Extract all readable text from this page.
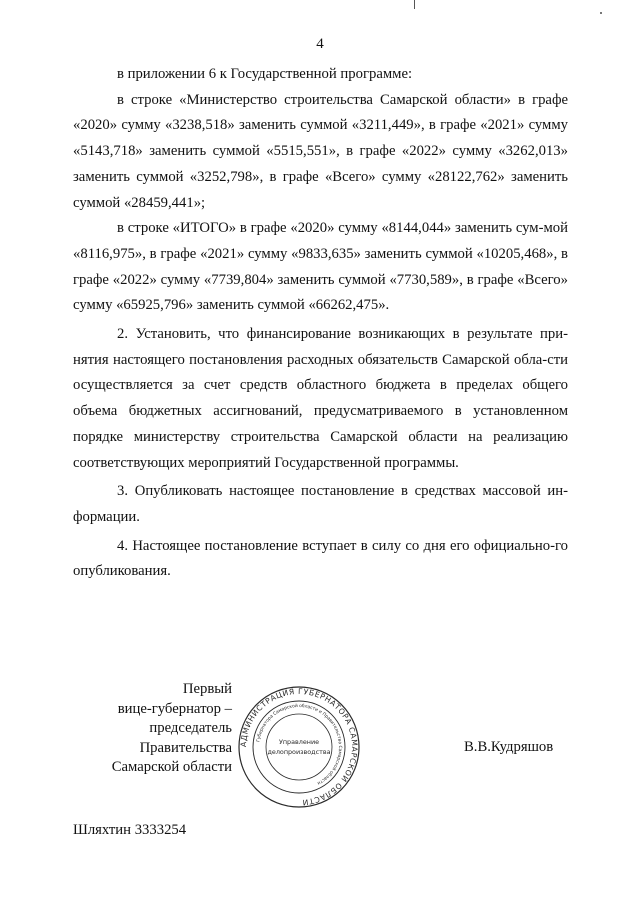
4

в приложении 6 к Государственной программе:

в строке «Министерство строительства Самарской области» в графе «2020» сумму «3238,518» заменить суммой «3211,449», в графе «2021» сумму «5143,718» заменить суммой «5515,551», в графе «2022» сумму «3262,013» заменить суммой «3252,798», в графе «Всего» сумму «28122,762» заменить суммой «28459,441»;

в строке «ИТОГО» в графе «2020» сумму «8144,044» заменить сум-мой «8116,975», в графе «2021» сумму «9833,635» заменить суммой «10205,468», в графе «2022» сумму «7739,804» заменить суммой «7730,589», в графе «Всего» сумму «65925,796» заменить суммой «66262,475».

2. Установить, что финансирование возникающих в результате при-нятия настоящего постановления расходных обязательств Самарской обла-сти осуществляется за счет средств областного бюджета в пределах общего объема бюджетных ассигнований, предусматриваемого в установленном порядке министерству строительства Самарской области на реализацию соответствующих мероприятий Государственной программы.

3. Опубликовать настоящее постановление в средствах массовой ин-формации.

4. Настоящее постановление вступает в силу со дня его официально-го опубликования.

Первый
вице-губернатор –
председатель Правительства
Самарской области
АДМИНИСТРАЦИЯ ГУБЕРНАТОРА САМАРСКОЙ ОБЛАСТИ
Губернатора Самарской области и Правительства Самарской области
Управление
делопроизводства	В.В.Кудряшов
Шляхтин 3333254
